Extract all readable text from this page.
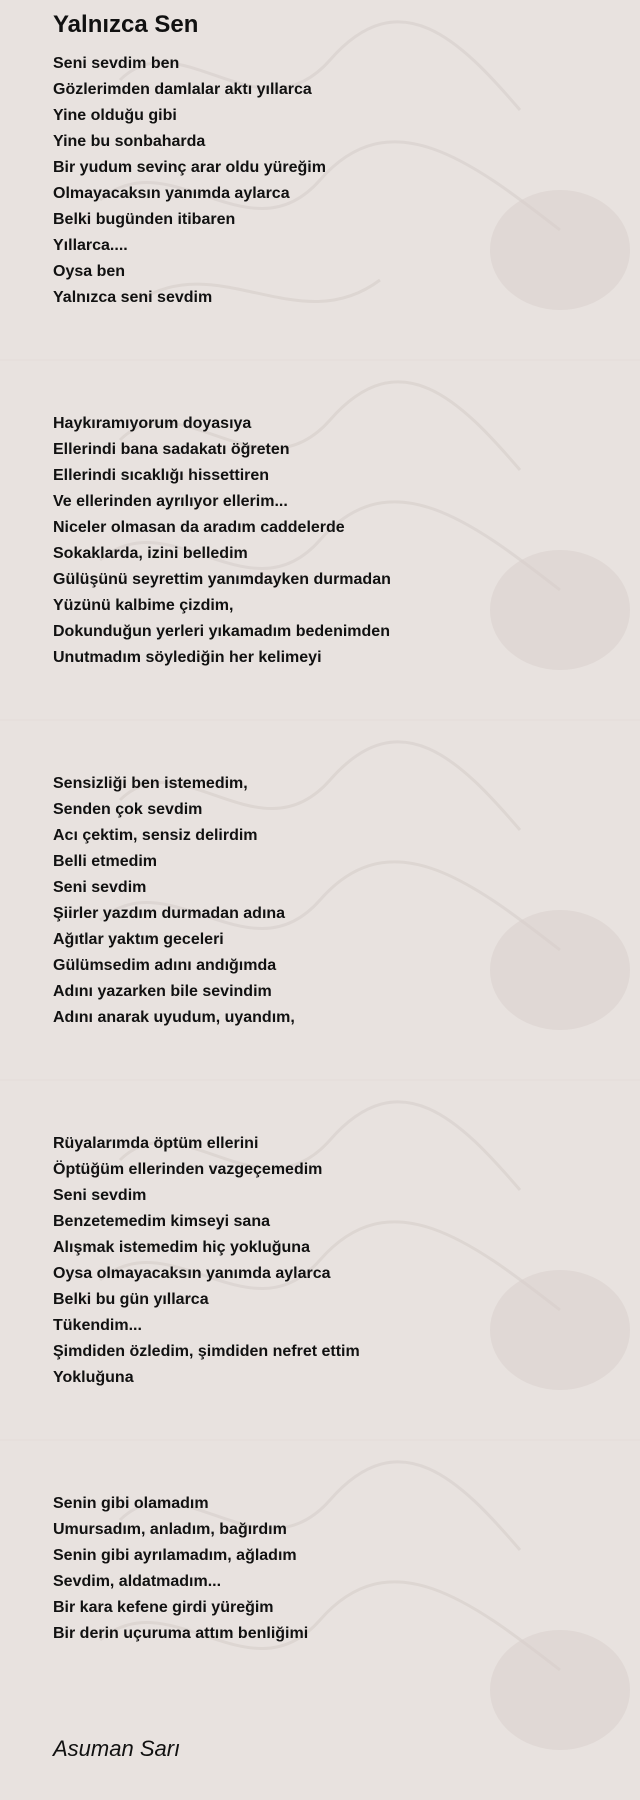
Yalnızca Sen
Seni sevdim ben
Gözlerimden damlalar aktı yıllarca
Yine olduğu gibi
Yine bu sonbaharda
Bir yudum sevinç arar oldu yüreğim
Olmayacaksın yanımda aylarca
Belki bugünden itibaren
Yıllarca....
Oysa ben
Yalnızca seni sevdim
Haykıramıyorum doyasıya
Ellerindi bana sadakatı öğreten
Ellerindi sıcaklığı hissettiren
Ve ellerinden ayrılıyor ellerim...
Niceler olmasan da aradım caddelerde
Sokaklarda, izini belledim
Gülüşünü seyrettim yanımdayken durmadan
Yüzünü kalbime çizdim,
Dokunduğun yerleri yıkamadım bedenimden
Unutmadım söylediğin her kelimeyi
Sensizliği ben istemedim,
Senden çok sevdim
Acı çektim, sensiz delirdim
Belli etmedim
Seni sevdim
Şiirler yazdım durmadan adına
Ağıtlar yaktım geceleri
Gülümsedim adını andığımda
Adını yazarken bile sevindim
Adını anarak uyudum, uyandım,
Rüyalarımda öptüm ellerini
Öptüğüm ellerinden vazgeçemedim
Seni sevdim
Benzetemedim kimseyi sana
Alışmak istemedim hiç yokluğuna
Oysa olmayacaksın yanımda aylarca
Belki bu gün yıllarca
Tükendim...
Şimdiden özledim, şimdiden nefret ettim
Yokluğuna
Senin gibi olamadım
Umursadım, anladım, bağırdım
Senin gibi ayrılamadım, ağladım
Sevdim, aldatmadım...
Bir kara kefene girdi yüreğim
Bir derin uçuruma attım benliğimi
Asuman Sarı
